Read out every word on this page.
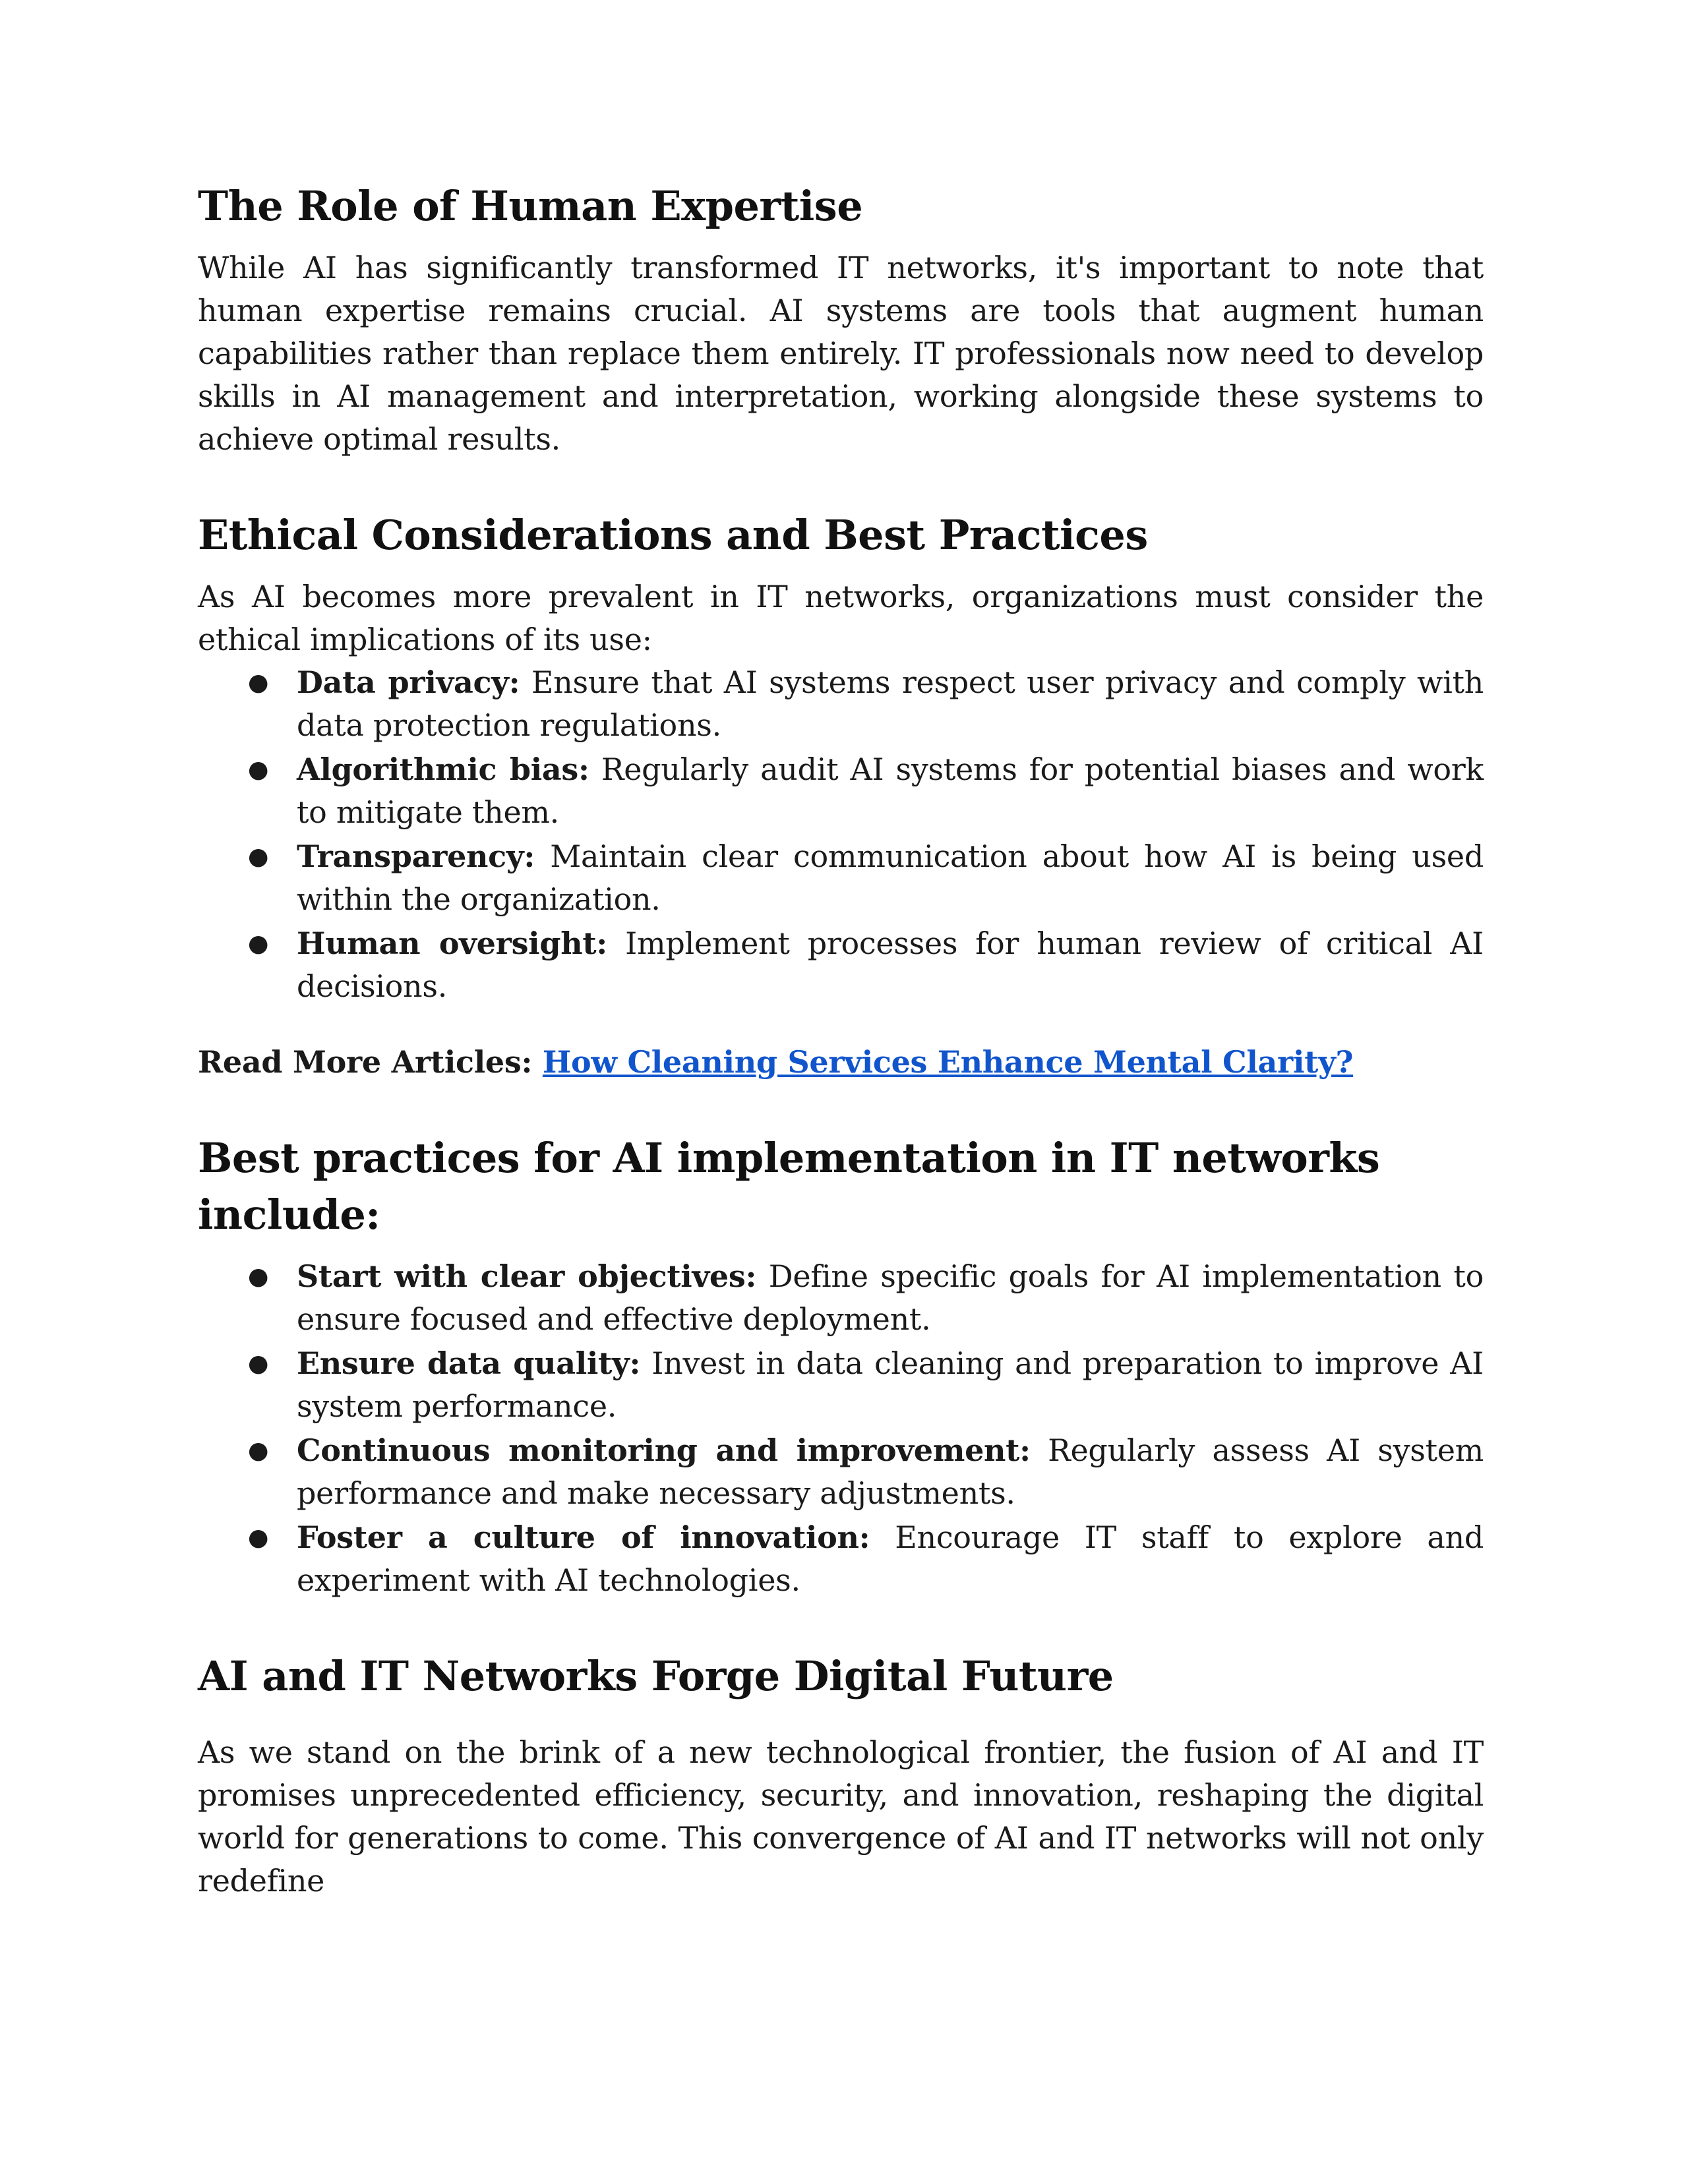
The Role of Human Expertise

While AI has significantly transformed IT networks, it's important to note that human expertise remains crucial. AI systems are tools that augment human capabilities rather than replace them entirely. IT professionals now need to develop skills in AI management and interpretation, working alongside these systems to achieve optimal results.

Ethical Considerations and Best Practices

As AI becomes more prevalent in IT networks, organizations must consider the ethical implications of its use:

● Data privacy: Ensure that AI systems respect user privacy and comply with data protection regulations.
● Algorithmic bias: Regularly audit AI systems for potential biases and work to mitigate them.
● Transparency: Maintain clear communication about how AI is being used within the organization.
● Human oversight: Implement processes for human review of critical AI decisions.
Read More Articles: How Cleaning Services Enhance Mental Clarity?
Best practices for AI implementation in IT networks include:
● Start with clear objectives: Define specific goals for AI implementation to ensure focused and effective deployment.
● Ensure data quality: Invest in data cleaning and preparation to improve AI system performance.
● Continuous monitoring and improvement: Regularly assess AI system performance and make necessary adjustments.
● Foster a culture of innovation: Encourage IT staff to explore and experiment with AI technologies.
AI and IT Networks Forge Digital Future

As we stand on the brink of a new technological frontier, the fusion of AI and IT promises unprecedented efficiency, security, and innovation, reshaping the digital world for generations to come. This convergence of AI and IT networks will not only redefine
